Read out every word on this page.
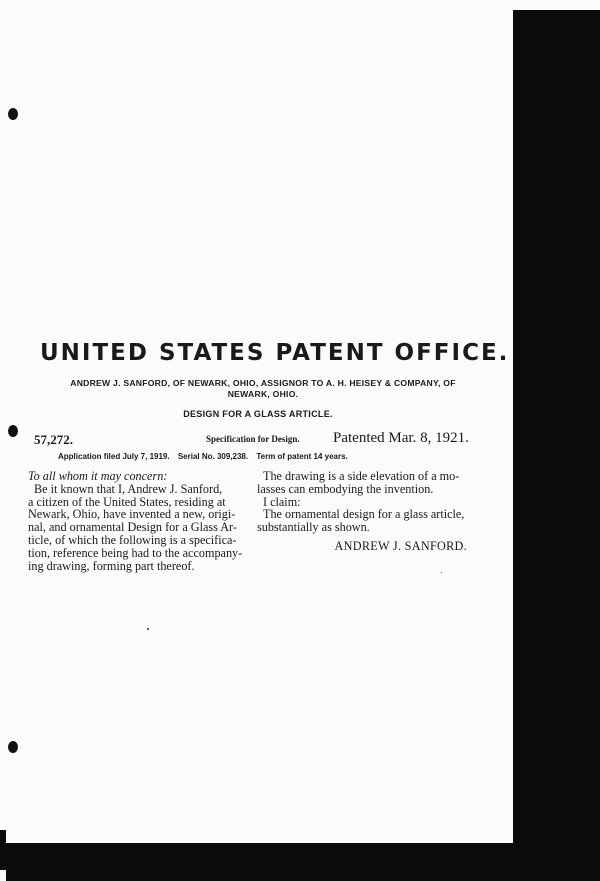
UNITED STATES PATENT OFFICE.
ANDREW J. SANFORD, OF NEWARK, OHIO, ASSIGNOR TO A. H. HEISEY & COMPANY, OF
NEWARK, OHIO.
DESIGN FOR A GLASS ARTICLE.
57,272.	Specification for Design. Patented Mar. 8, 1921.
Application filed July 7, 1919. Serial No. 309,238. Term of patent 14 years.
To all whom it may concern:
Be it known that I, Andrew J. Sanford,
a citizen of the United States, residing at
Newark, Ohio, have invented a new, origi-
nal, and ornamental Design for a Glass Ar-
ticle, of which the following is a specifica-
tion, reference being had to the accompany-
ing drawing, forming part thereof.
The drawing is a side elevation of a mo-
lasses can embodying the invention.
I claim:
The ornamental design for a glass article,
substantially as shown.
ANDREW J. SANFORD.
